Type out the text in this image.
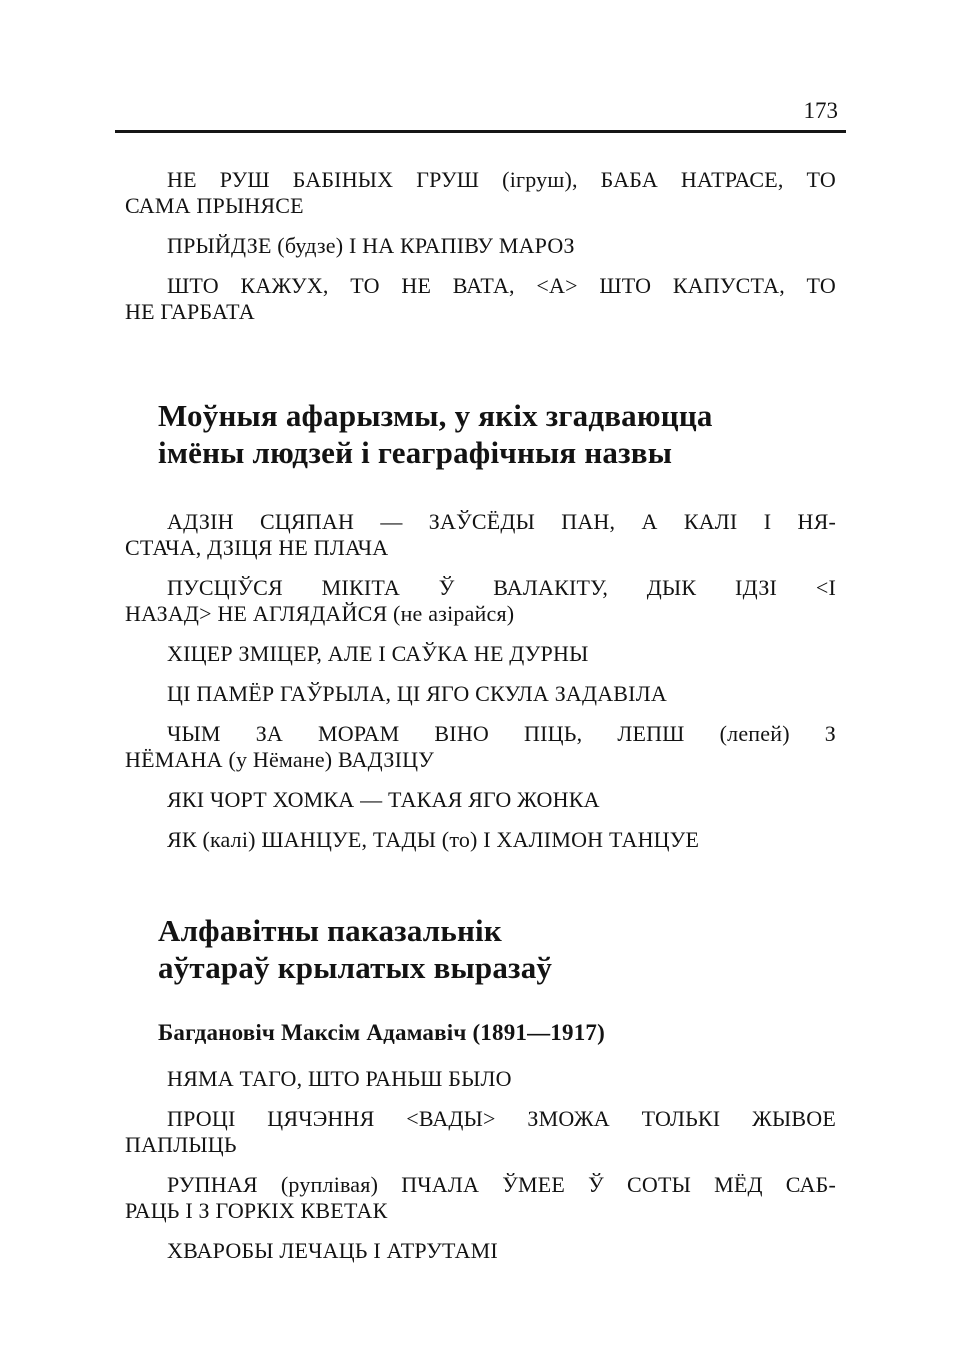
173

НЕ РУШ БАБІНЫХ ГРУШ (ігруш), БАБА НАТРАСЕ, ТО
САМА ПРЫНЯСЕ

ПРЫЙДЗЕ (будзе) І НА КРАПІВУ МАРОЗ

ШТО КАЖУХ, ТО НЕ ВАТА, <А> ШТО КАПУСТА, ТО
НЕ ГАРБАТА

Моўныя афарызмы, у якіх згадваюцца
імёны людзей і геаграфічныя назвы

АДЗІН СЦЯПАН — ЗАЎСЁДЫ ПАН, А КАЛІ І НЯ-
СТАЧА, ДЗІЦЯ НЕ ПЛАЧА

ПУСЦІЎСЯ МІКІТА Ў ВАЛАКІТУ, ДЫК ІДЗІ <І
НАЗАД> НЕ АГЛЯДАЙСЯ (не азірайся)

ХІЦЕР ЗМІЦЕР, АЛЕ І САЎКА НЕ ДУРНЫ

ЦІ ПАМЁР ГАЎРЫЛА, ЦІ ЯГО СКУЛА ЗАДАВІЛА

ЧЫМ ЗА МОРАМ ВІНО ПІЦЬ, ЛЕПШ (лепей) З
НЁМАНА (у Нёмане) ВАДЗІЦУ

ЯКІ ЧОРТ ХОМКА — ТАКАЯ ЯГО ЖОНКА

ЯК (калі) ШАНЦУЕ, ТАДЫ (то) І ХАЛІМОН ТАНЦУЕ

Алфавітны паказальнік
аўтараў крылатых выразаў
Багдановіч Максім Адамавіч (1891—1917)

НЯМА ТАГО, ШТО РАНЬШ БЫЛО

ПРОЦІ ЦЯЧЭННЯ <ВАДЫ> ЗМОЖА ТОЛЬКІ ЖЫВОЕ
ПАПЛЫЦЬ

РУПНАЯ (руплівая) ПЧАЛА ЎМЕЕ Ў СОТЫ МЁД САБ-
РАЦЬ І З ГОРКІХ КВЕТАК

ХВАРОБЫ ЛЕЧАЦЬ І АТРУТАМІ
